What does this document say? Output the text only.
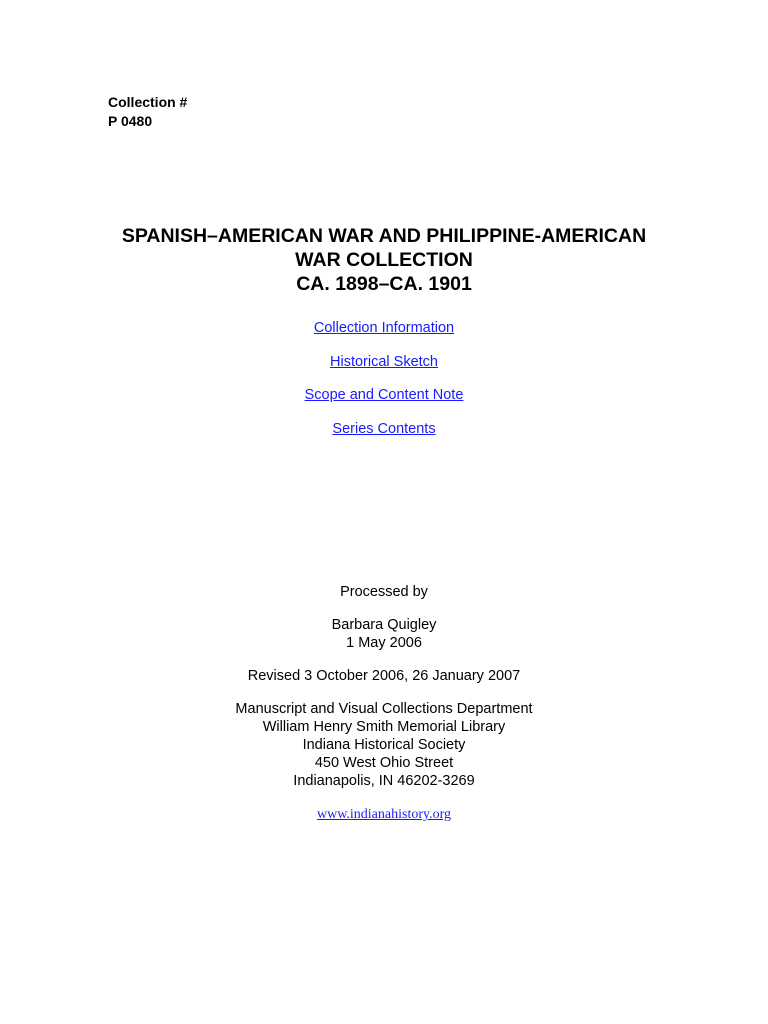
Collection #
P 0480
SPANISH–AMERICAN WAR AND PHILIPPINE-AMERICAN
WAR COLLECTION
CA. 1898–CA. 1901
Collection Information
Historical Sketch
Scope and Content Note
Series Contents
Processed by
Barbara Quigley
1 May 2006
Revised 3 October 2006, 26 January 2007
Manuscript and Visual Collections Department
William Henry Smith Memorial Library
Indiana Historical Society
450 West Ohio Street
Indianapolis, IN 46202-3269
www.indianahistory.org
